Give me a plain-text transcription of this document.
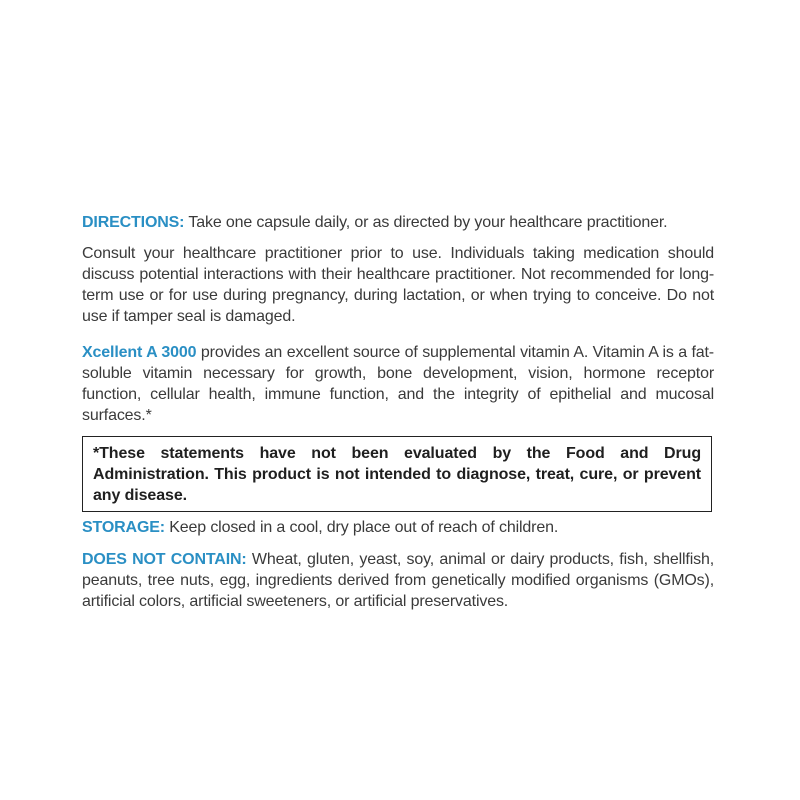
DIRECTIONS: Take one capsule daily, or as directed by your healthcare practitioner.
Consult your healthcare practitioner prior to use. Individuals taking medication should discuss potential interactions with their healthcare practitioner. Not recommended for long-term use or for use during pregnancy, during lactation, or when trying to conceive. Do not use if tamper seal is damaged.
Xcellent A 3000 provides an excellent source of supplemental vitamin A. Vitamin A is a fat-soluble vitamin necessary for growth, bone development, vision, hormone receptor function, cellular health, immune function, and the integrity of epithelial and mucosal surfaces.*
*These statements have not been evaluated by the Food and Drug Administration. This product is not intended to diagnose, treat, cure, or prevent any disease.
STORAGE: Keep closed in a cool, dry place out of reach of children.
DOES NOT CONTAIN: Wheat, gluten, yeast, soy, animal or dairy products, fish, shellfish, peanuts, tree nuts, egg, ingredients derived from genetically modified organisms (GMOs), artificial colors, artificial sweeteners, or artificial preservatives.
